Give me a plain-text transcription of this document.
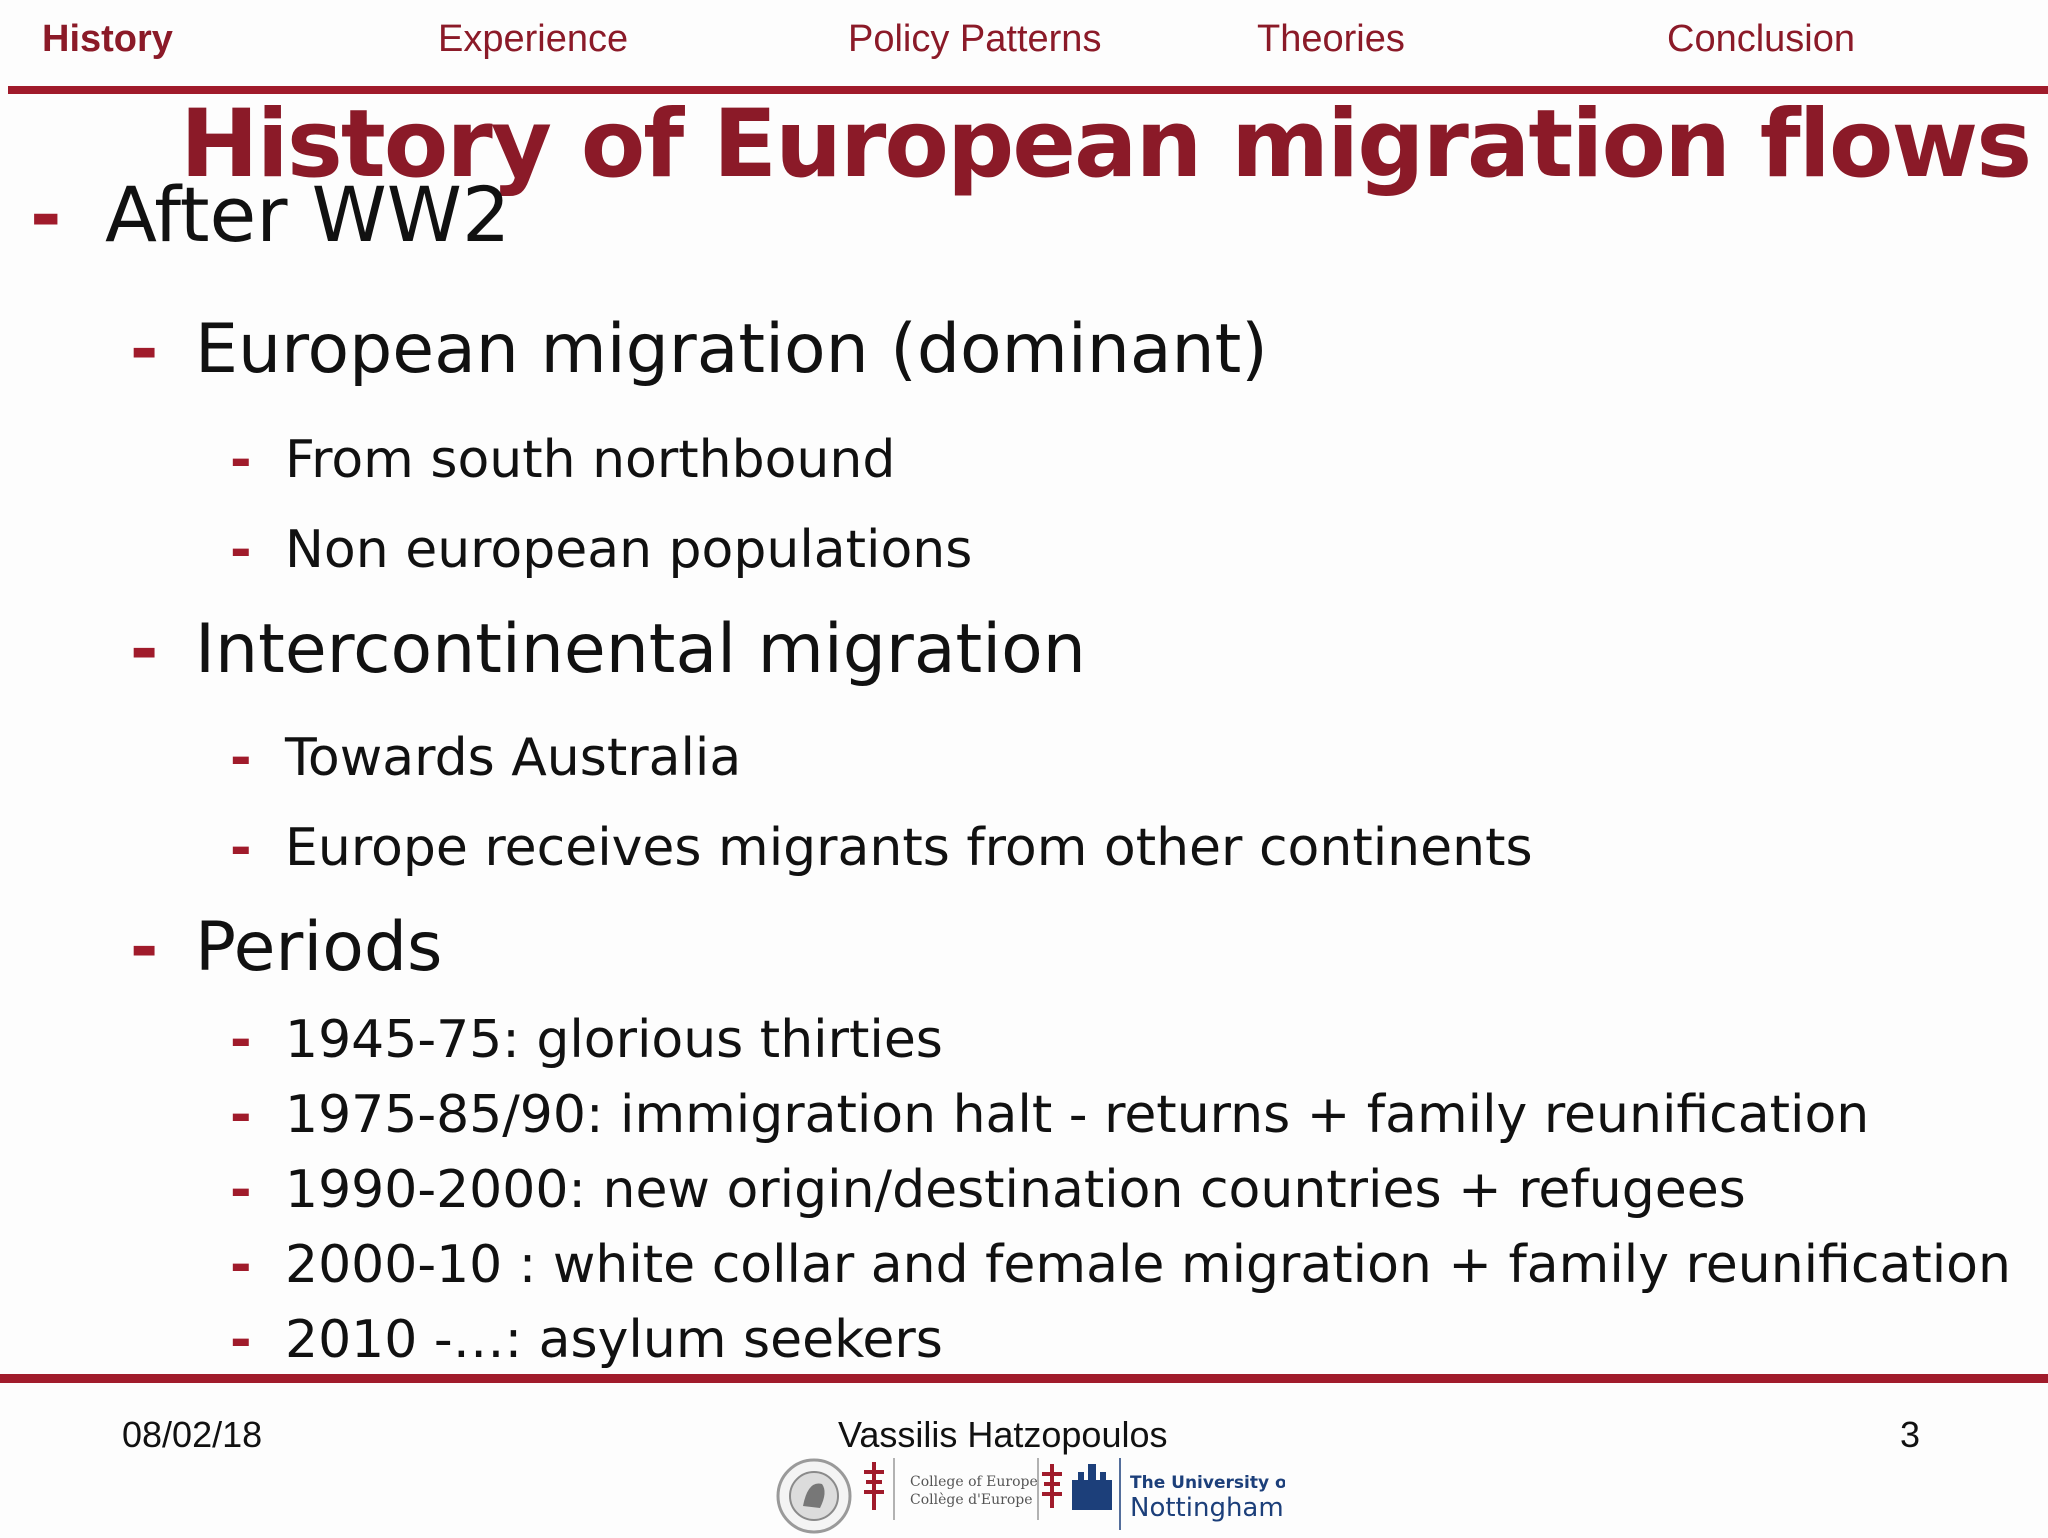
History	Experience	Policy Patterns	Theories	Conclusion
History of European migration flows
- After WW2
- European migration (dominant)
- From south northbound
- Non european populations
- Intercontinental migration
- Towards Australia
- Europe receives migrants from other continents
- Periods
- 1945-75: glorious thirties
- 1975-85/90: immigration halt - returns + family reunification
- 1990-2000: new origin/destination countries + refugees
- 2000-10 : white collar and female migration + family reunification
- 2010 -…: asylum seekers
08/02/18	Vassilis Hatzopoulos	3
College of Europe
Collège d'Europe
The University of
Nottingham
